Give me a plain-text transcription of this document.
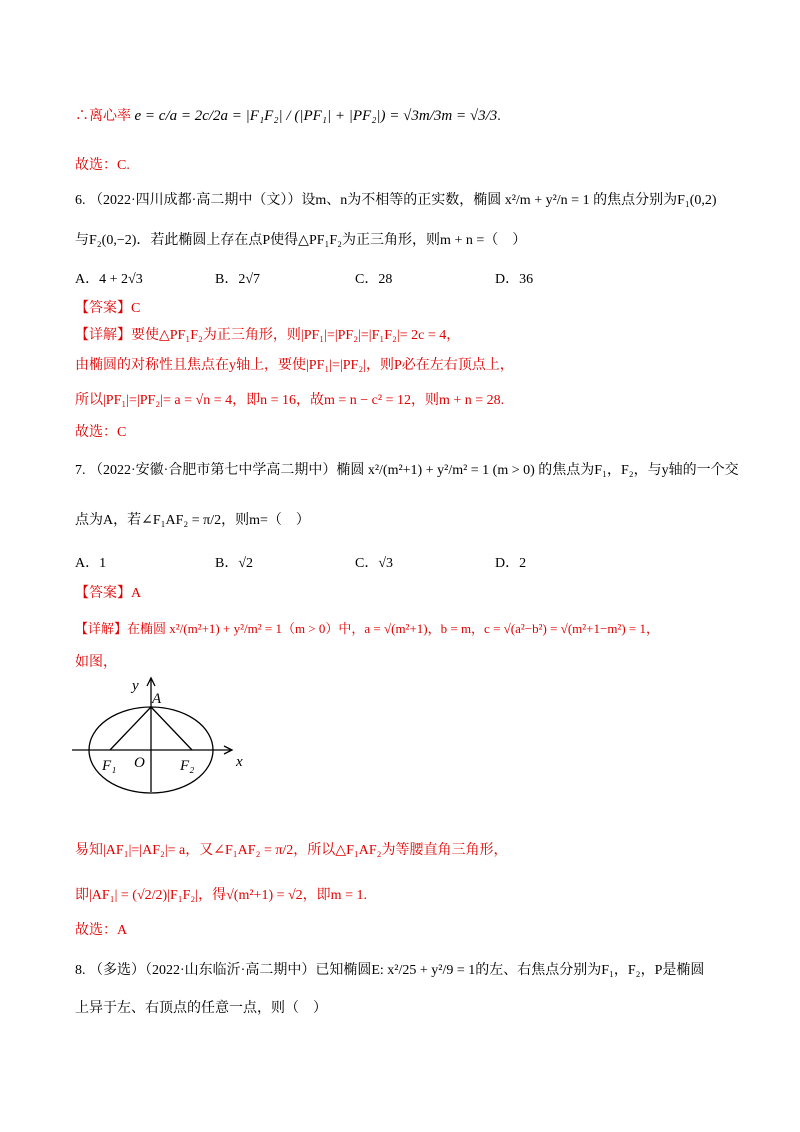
∴离心率 e = c/a = 2c/2a = |F₁F₂| / (|PF₁| + |PF₂|) = √3m/3m = √3/3.
故选：C.
6. （2022·四川成都·高二期中（文））设m、n为不相等的正实数，椭圆 x²/m + y²/n = 1 的焦点分别为F₁(0,2)
与F₂(0,−2)．若此椭圆上存在点P使得△PF₁F₂为正三角形，则m + n =（　）
A．4 + 2√3	B．2√7	C．28	D．36
【答案】C
【详解】要使△PF₁F₂为正三角形，则|PF₁|=|PF₂|=|F₁F₂|= 2c = 4，
由椭圆的对称性且焦点在y轴上，要使|PF₁|=|PF₂|，则P必在左右顶点上，
所以|PF₁|=|PF₂|= a = √n = 4，即n = 16，故m = n − c² = 12，则m + n = 28.
故选：C
7. （2022·安徽·合肥市第七中学高二期中）椭圆 x²/(m²+1) + y²/m² = 1 (m > 0) 的焦点为F₁，F₂，与y轴的一个交
点为A，若∠F₁AF₂ = π/2，则m=（　）
A．1	B．√2	C．√3	D．2
【答案】A
【详解】在椭圆 x²/(m²+1) + y²/m² = 1（m > 0）中，a = √(m²+1)，b = m，c = √(a²−b²) = √(m²+1−m²) = 1，
如图，
y
A
x
O
F₁	F₂
易知|AF₁|=|AF₂|= a，又∠F₁AF₂ = π/2，所以△F₁AF₂为等腰直角三角形，
即|AF₁| = (√2/2)|F₁F₂|，得√(m²+1) = √2，即m = 1.
故选：A
8. （多选）（2022·山东临沂·高二期中）已知椭圆E: x²/25 + y²/9 = 1的左、右焦点分别为F₁，F₂，P是椭圆
上异于左、右顶点的任意一点，则（　）
